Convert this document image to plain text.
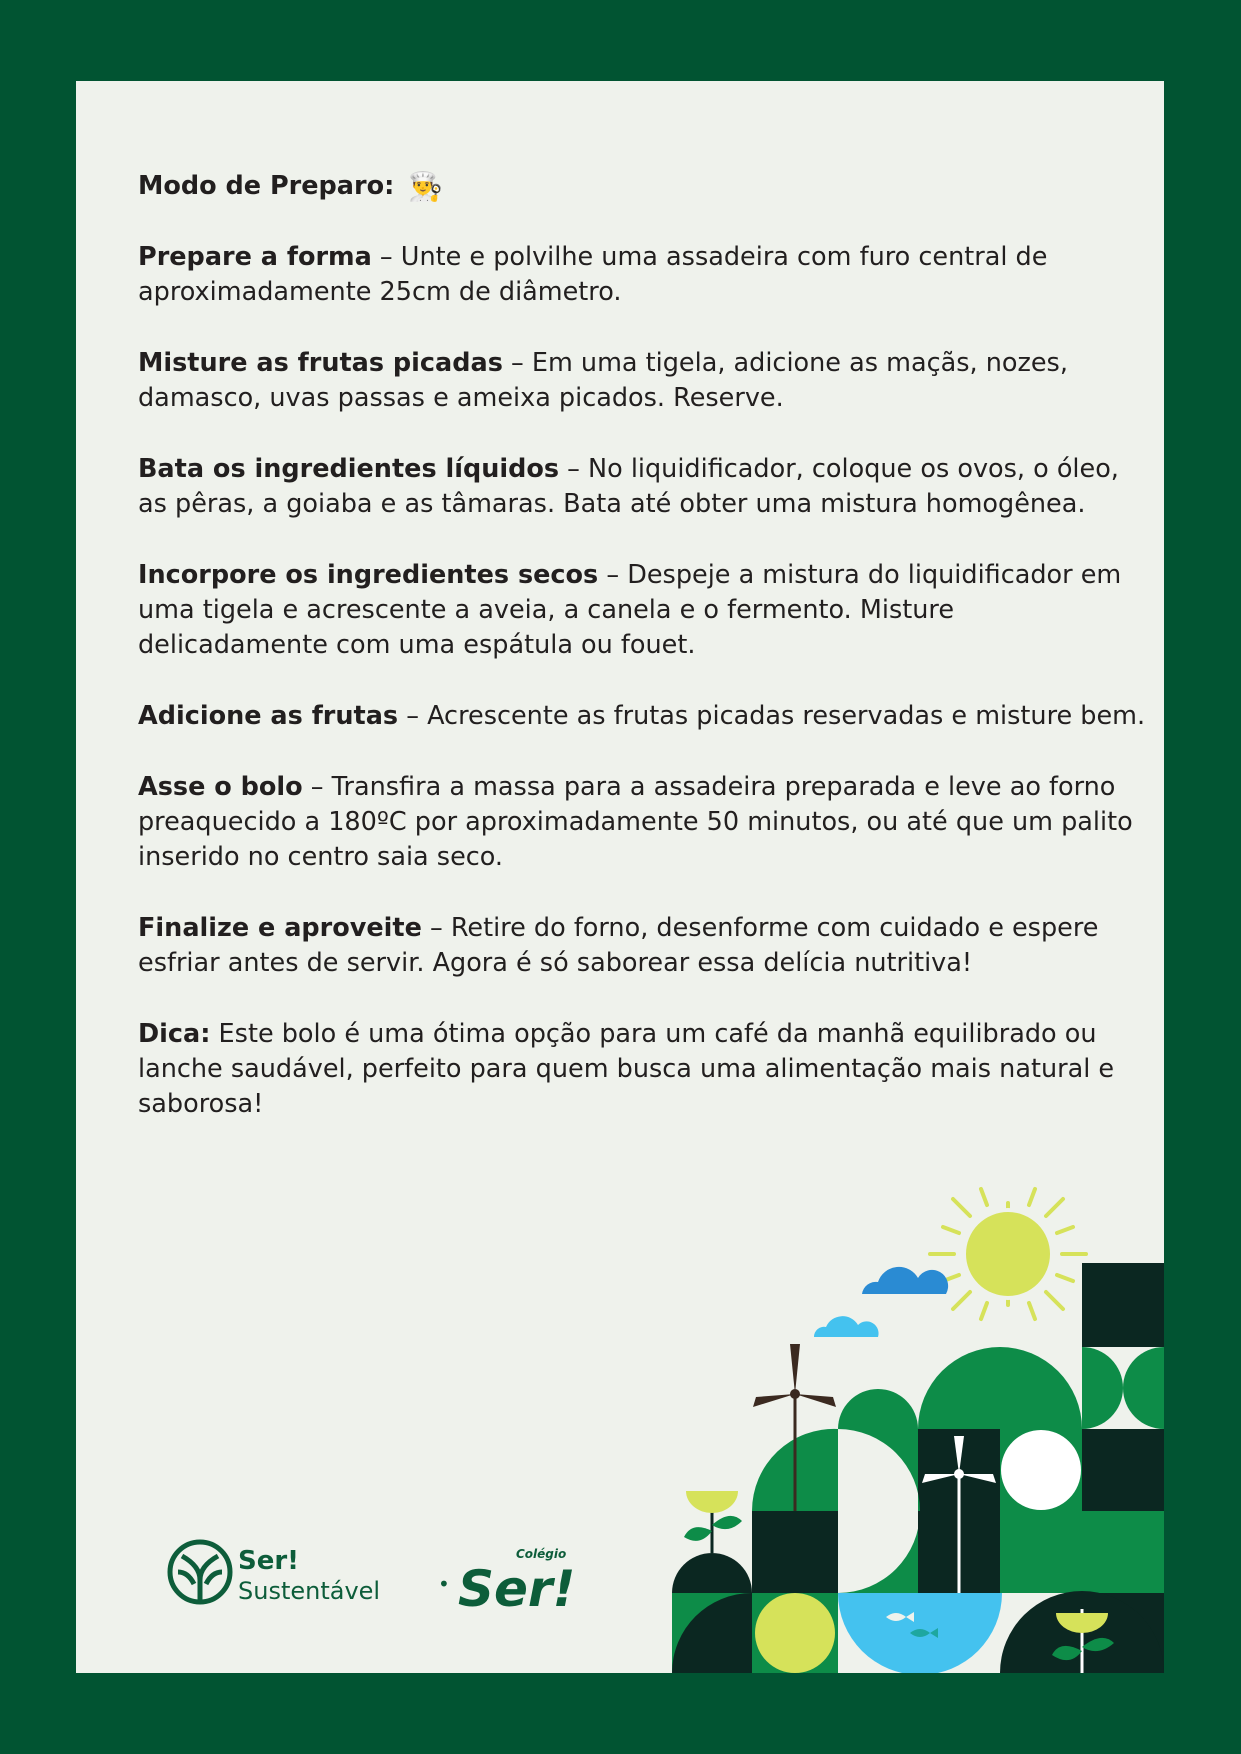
Modo de Preparo: 👨‍🍳

Prepare a forma – Unte e polvilhe uma assadeira com furo central de aproximadamente 25cm de diâmetro.

Misture as frutas picadas – Em uma tigela, adicione as maçãs, nozes, damasco, uvas passas e ameixa picados. Reserve.

Bata os ingredientes líquidos – No liquidificador, coloque os ovos, o óleo, as pêras, a goiaba e as tâmaras. Bata até obter uma mistura homogênea.

Incorpore os ingredientes secos – Despeje a mistura do liquidificador em uma tigela e acrescente a aveia, a canela e o fermento. Misture delicadamente com uma espátula ou fouet.

Adicione as frutas – Acrescente as frutas picadas reservadas e misture bem.

Asse o bolo – Transfira a massa para a assadeira preparada e leve ao forno preaquecido a 180ºC por aproximadamente 50 minutos, ou até que um palito inserido no centro saia seco.

Finalize e aproveite – Retire do forno, desenforme com cuidado e espere esfriar antes de servir. Agora é só saborear essa delícia nutritiva!

Dica: Este bolo é uma ótima opção para um café da manhã equilibrado ou lanche saudável, perfeito para quem busca uma alimentação mais natural e saborosa!

Ser!
Sustentável	•
Colégio
Ser!
